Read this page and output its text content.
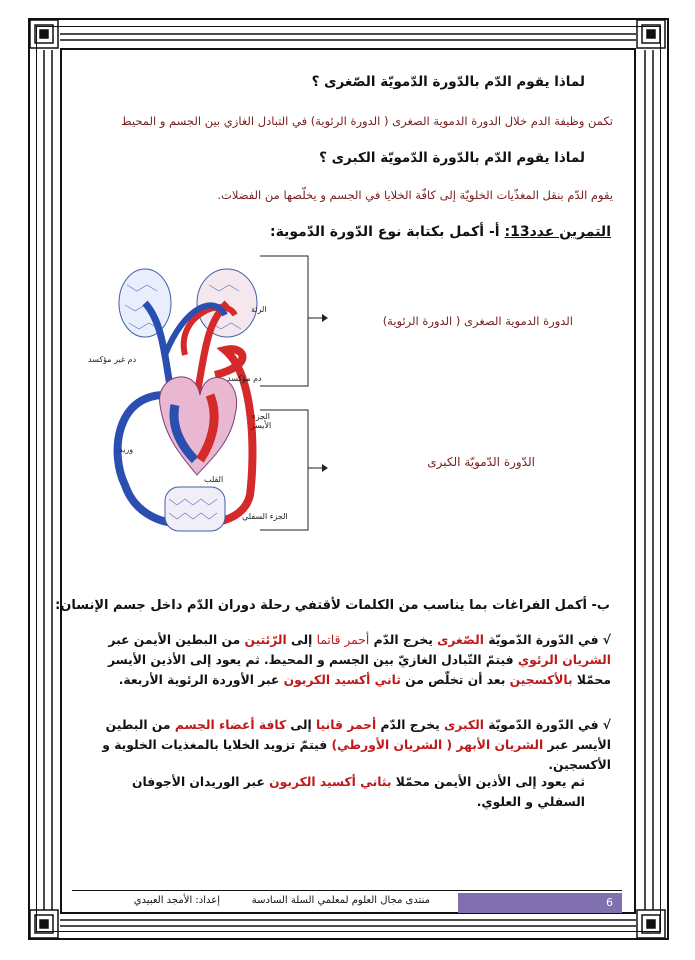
لماذا يقوم الدّم بالدّورة الدّمويّة الصّغرى ؟
تكمن وظيفة الدم خلال الدورة الدموية الصغرى ( الدورة الرئوية) في التبادل الغازي بين الجسم و المحيط
لماذا يقوم الدّم بالدّورة الدّمويّة الكبرى ؟
يقوم الدّم بنقل المغذّيات الخلويّة إلى كافّة الخلايا في الجسم و يخلّصها من الفضلات.
التمرين عدد13: أ- أكمل بكتابة نوع الدّورة الدّموية:
الرئة
دم غير مؤكسد
دم مؤكسد
الجزء الأيسر
وريد
القلب
الجزء السفلي
الدورة الدموية الصغرى ( الدورة الرئوية)
الدّورة الدّمويّة الكبرى
ب- أكمل الفراغات بما يناسب من الكلمات لأقتفي رحلة دوران الدّم داخل جسم الإنسان:
√ في الدّورة الدّمويّة الصّغرى يخرج الدّم أحمر قاتما إلى الرّئتين من البطين الأيمن عبر الشريان الرئوي فيتمّ التّبادل الغازيّ بين الجسم و المحيط. ثم يعود إلى الأذين الأيسر محمّلا بالأكسجين بعد أن تخلّص من ثاني أكسيد الكربون عبر الأوردة الرئوية الأربعة.
√ في الدّورة الدّمويّة الكبرى يخرج الدّم أحمر قانيا إلى كافة أعضاء الجسم من البطين الأيسر عبر الشريان الأبهر ( الشريان الأورطي) فيتمّ تزويد الخلايا بالمغذيات الخلوية و الأكسجين.
ثم يعود إلى الأذين الأيمن محمّلا بثاني أكسيد الكربون عبر الوريدان الأجوفان السفلي و العلوي.
6
منتدى مجال العلوم لمعلمي السلة السادسة
إعداد: الأمجد العبيدي
